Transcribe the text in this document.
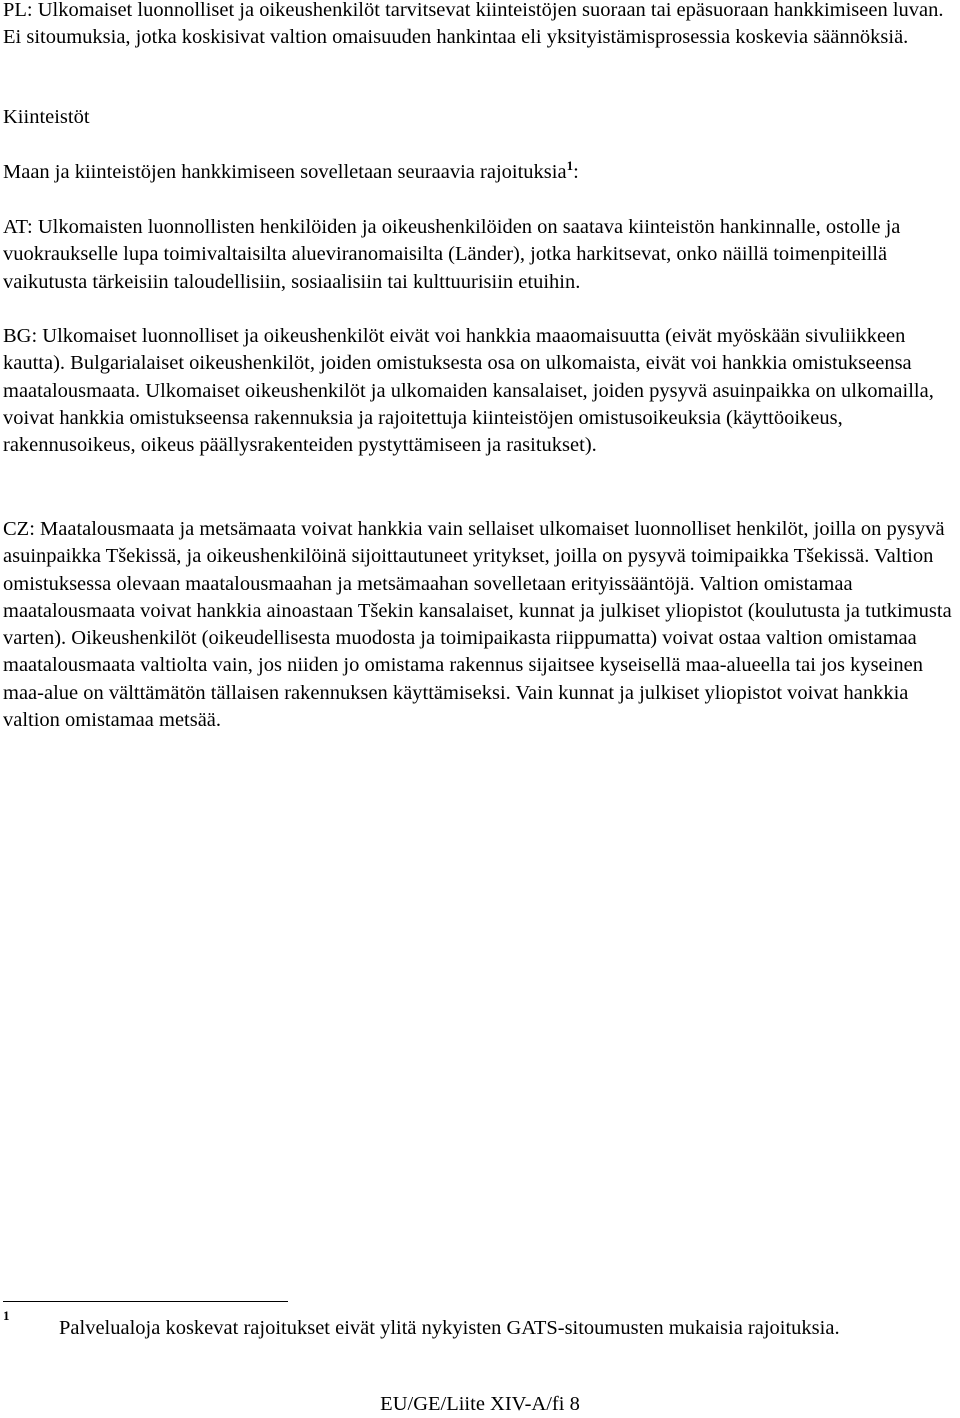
PL: Ulkomaiset luonnolliset ja oikeushenkilöt tarvitsevat kiinteistöjen suoraan tai epäsuoraan hankkimiseen luvan. Ei sitoumuksia, jotka koskisivat valtion omaisuuden hankintaa eli yksityistämisprosessia koskevia säännöksiä.

Kiinteistöt

Maan ja kiinteistöjen hankkimiseen sovelletaan seuraavia rajoituksia$^1$:

AT: Ulkomaisten luonnollisten henkilöiden ja oikeushenkilöiden on saatava kiinteistön hankinnalle, ostolle ja vuokraukselle lupa toimivaltaisilta alueviranomaisilta (Länder), jotka harkitsevat, onko näillä toimenpiteillä vaikutusta tärkeisiin taloudellisiin, sosiaalisiin tai kulttuurisiin etuihin.

BG: Ulkomaiset luonnolliset ja oikeushenkilöt eivät voi hankkia maaomaisuutta (eivät myöskään sivuliikkeen kautta). Bulgarialaiset oikeushenkilöt, joiden omistuksesta osa on ulkomaista, eivät voi hankkia omistukseensa maatalousmaata. Ulkomaiset oikeushenkilöt ja ulkomaiden kansalaiset, joiden pysyvä asuinpaikka on ulkomailla, voivat hankkia omistukseensa rakennuksia ja rajoitettuja kiinteistöjen omistusoikeuksia (käyttöoikeus, rakennusoikeus, oikeus päällysrakenteiden pystyttämiseen ja rasitukset).

CZ: Maatalousmaata ja metsämaata voivat hankkia vain sellaiset ulkomaiset luonnolliset henkilöt, joilla on pysyvä asuinpaikka Tšekissä, ja oikeushenkilöinä sijoittautuneet yritykset, joilla on pysyvä toimipaikka Tšekissä. Valtion omistuksessa olevaan maatalousmaahan ja metsämaahan sovelletaan erityissääntöjä. Valtion omistamaa maatalousmaata voivat hankkia ainoastaan Tšekin kansalaiset, kunnat ja julkiset yliopistot (koulutusta ja tutkimusta varten). Oikeushenkilöt (oikeudellisesta muodosta ja toimipaikasta riippumatta) voivat ostaa valtion omistamaa maatalousmaata valtiolta vain, jos niiden jo omistama rakennus sijaitsee kyseisellä maa-alueella tai jos kyseinen maa-alue on välttämätön tällaisen rakennuksen käyttämiseksi. Vain kunnat ja julkiset yliopistot voivat hankkia valtion omistamaa metsää.

1
Palvelualoja koskevat rajoitukset eivät ylitä nykyisten GATS-sitoumusten mukaisia rajoituksia.
EU/GE/Liite XIV-A/fi 8
